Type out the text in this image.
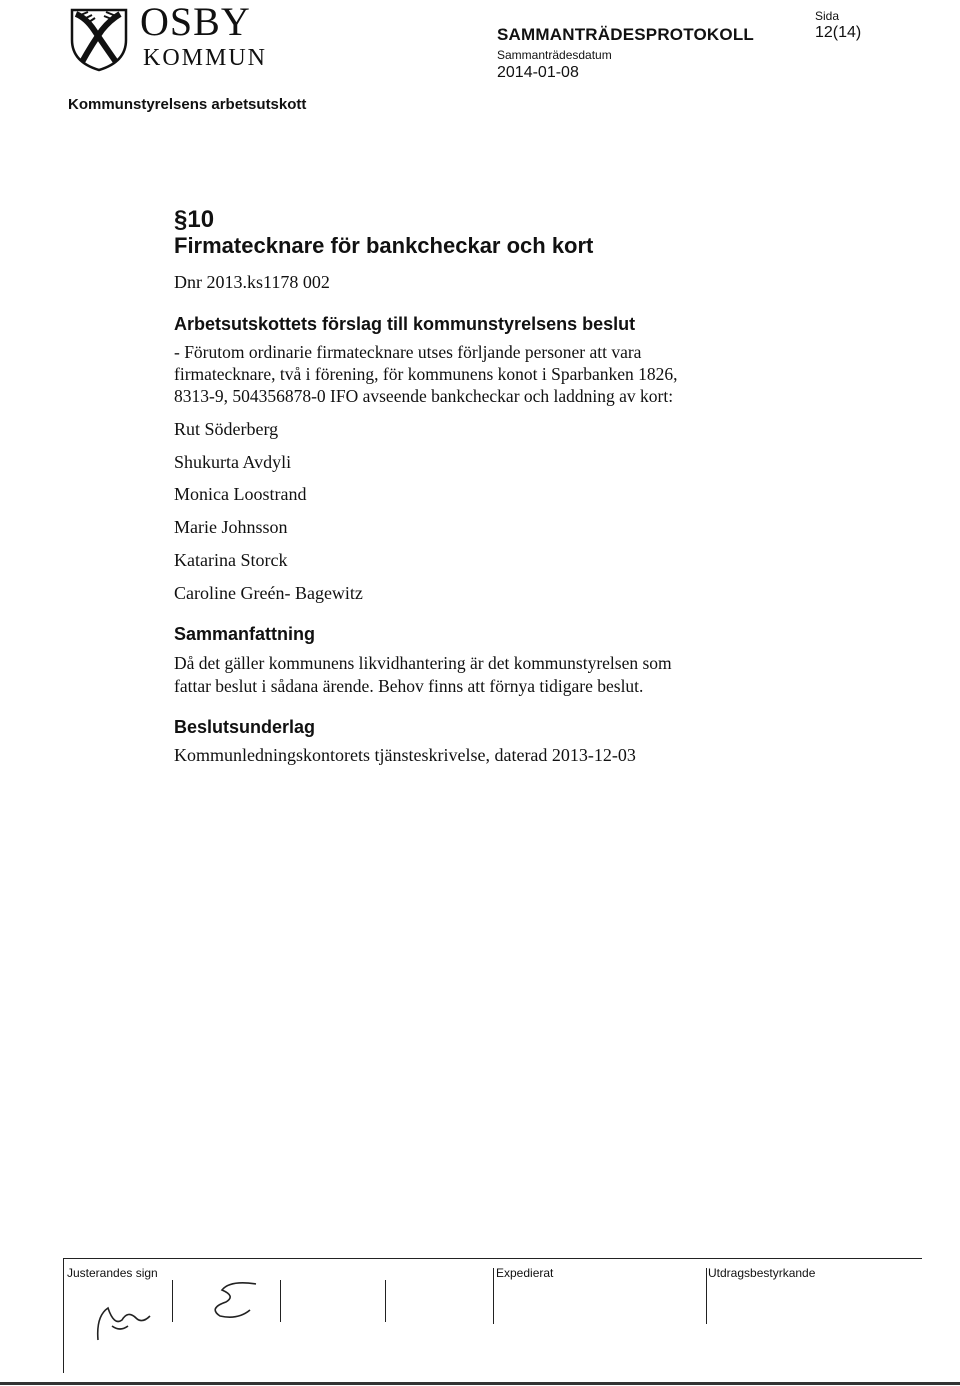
OSBY
KOMMUN
SAMMANTRÄDESPROTOKOLL
Sammanträdesdatum
2014-01-08
Sida
12(14)
Kommunstyrelsens arbetsutskott
§10
Firmatecknare för bankcheckar och kort
Dnr 2013.ks1178 002
Arbetsutskottets förslag till kommunstyrelsens beslut
- Förutom ordinarie firmatecknare utses förljande personer att vara
firmatecknare, två i förening, för kommunens konot i Sparbanken 1826,
8313-9, 504356878-0 IFO avseende bankcheckar och laddning av kort:
Rut Söderberg
Shukurta Avdyli
Monica Loostrand
Marie Johnsson
Katarina Storck
Caroline Greén- Bagewitz
Sammanfattning
Då det gäller kommunens likvidhantering är det kommunstyrelsen som
fattar beslut i sådana ärende. Behov finns att förnya tidigare beslut.
Beslutsunderlag
Kommunledningskontorets tjänsteskrivelse, daterad 2013-12-03
Justerandes sign	Expedierat	Utdragsbestyrkande
